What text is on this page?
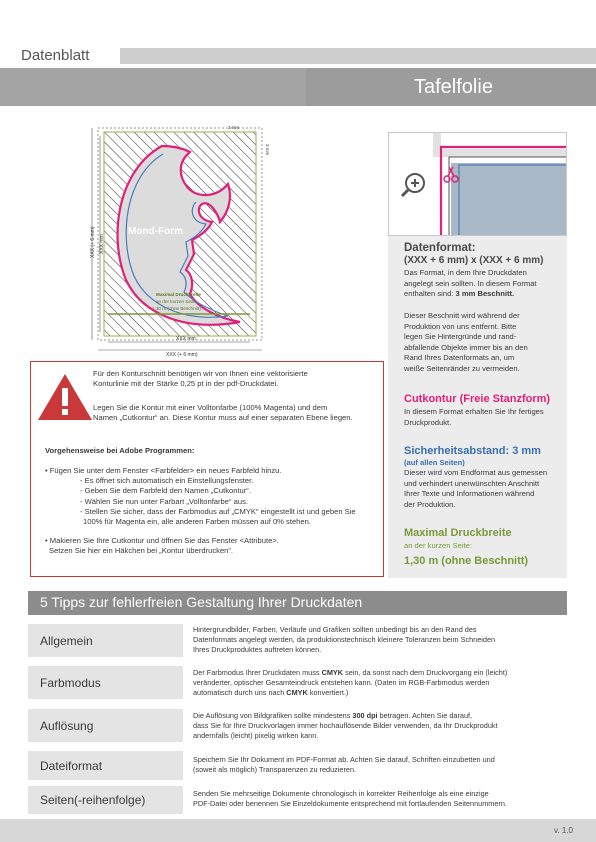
Datenblatt
Tafelfolie
Mond-Form
3 mm
3 mm
XXX (+ 6 mm) XXX mm
XXX mm
XXX (+ 6 mm)
Maximal Druckbreite
an der kurzen Seite:
1,30 m (ohne Beschnitt)
Datenformat:
(XXX + 6 mm) x (XXX + 6 mm)
Das Format, in dem Ihre Druckdaten
angelegt sein sollten. In diesem Format
enthalten sind: 3 mm Beschnitt.
Dieser Beschnitt wird während der
Produktion von uns entfernt. Bitte
legen Sie Hintergründe und rand-
abfallende Objekte immer bis an den
Rand Ihres Datenformats an, um
weiße Seitenränder zu vermeiden.
Cutkontur (Freie Stanzform)
In diesem Format erhalten Sie Ihr fertiges
Druckprodukt.
Sicherheitsabstand: 3 mm
(auf allen Seiten)
Dieser wird vom Endformat aus gemessen
und verhindert unerwünschten Anschnitt
Ihrer Texte und Informationen während
der Produktion.
Maximal Druckbreite
an der kurzen Seite:
1,30 m (ohne Beschnitt)
Für den Konturschnitt benötigen wir von Ihnen eine vektorisierte
Konturlinie mit der Stärke 0,25 pt in der pdf-Druckdatei.
Legen Sie die Kontur mit einer Volltonfarbe (100% Magenta) und dem
Namen „Cutkontur“ an. Diese Kontur muss auf einer separaten Ebene liegen.
Vorgehensweise bei Adobe Programmen:
• Fügen Sie unter dem Fenster <Farbfelder> ein neues Farbfeld hinzu.
- Es öffnet sich automatisch ein Einstellungsfenster.
- Geben Sie dem Farbfeld den Namen „Cutkontur“.
- Wählen Sie nun unter Farbart „Volltonfarbe“ aus.
- Stellen Sie sicher, dass der Farbmodus auf „CMYK“ eingestellt ist und geben Sie
100% für Magenta ein, alle anderen Farben müssen auf 0% stehen.
• Makieren Sie Ihre Cutkontur und öffnen Sie das Fenster <Attribute>.
Setzen Sie hier ein Häkchen bei „Kontur überdrucken“.
5 Tipps zur fehlerfreien Gestaltung Ihrer Druckdaten
Allgemein
Hintergrundbilder, Farben, Verläufe und Grafiken sollten unbedingt bis an den Rand des
Datenformats angelegt werden, da produktionstechnisch kleinere Toleranzen beim Schneiden
Ihres Druckproduktes auftreten können.
Farbmodus
Der Farbmodus Ihrer Druckdaten muss CMYK sein, da sonst nach dem Druckvorgang ein (leicht)
veränderter, optischer Gesamteindruck entstehen kann. (Daten im RGB-Farbmodus werden
automatisch durch uns nach CMYK konvertiert.)
Auflösung
Die Auflösung von Bildgrafiken sollte mindestens 300 dpi betragen. Achten Sie darauf,
dass Sie für Ihre Druckvorlagen immer hochauflösende Bilder verwenden, da Ihr Druckprodukt
andernfalls (leicht) pixelig wirken kann.
Dateiformat	Speichern Sie Ihr Dokument im PDF-Format ab. Achten Sie darauf, Schriften einzubetten und
(soweit als möglich) Transparenzen zu reduzieren.
Seiten(-reihenfolge)	Senden Sie mehrseitige Dokumente chronologisch in korrekter Reihenfolge als eine einzige
PDF-Datei oder benennen Sie Einzeldokumente entsprechend mit fortlaufenden Seitennummern.
v. 1.0
